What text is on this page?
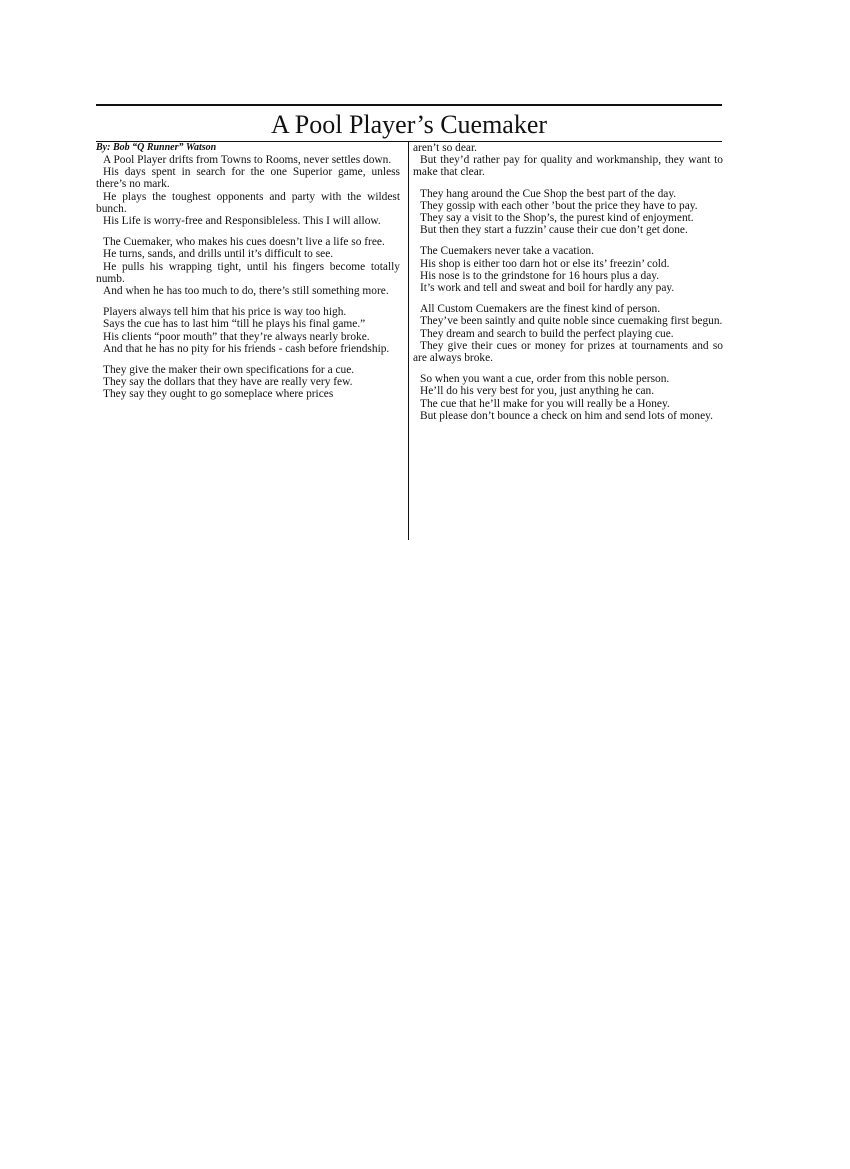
A Pool Player’s Cuemaker

By: Bob “Q Runner” Watson

A Pool Player drifts from Towns to Rooms, never settles down.

His days spent in search for the one Superior game, unless there’s no mark.

He plays the toughest opponents and party with the wildest bunch.

His Life is worry-free and Responsibleless. This I will allow.

The Cuemaker, who makes his cues doesn’t live a life so free.

He turns, sands, and drills until it’s difficult to see.

He pulls his wrapping tight, until his fingers become totally numb.

And when he has too much to do, there’s still something more.

Players always tell him that his price is way too high.

Says the cue has to last him “till he plays his final game.”

His clients “poor mouth” that they’re always nearly broke.

And that he has no pity for his friends - cash before friendship.

They give the maker their own specifications for a cue.

They say the dollars that they have are really very few.

They say they ought to go someplace where prices

aren’t so dear.

But they’d rather pay for quality and workmanship, they want to make that clear.

They hang around the Cue Shop the best part of the day.

They gossip with each other ’bout the price they have to pay.

They say a visit to the Shop’s, the purest kind of enjoyment.

But then they start a fuzzin’ cause their cue don’t get done.

The Cuemakers never take a vacation.

His shop is either too darn hot or else its’ freezin’ cold.

His nose is to the grindstone for 16 hours plus a day.

It’s work and tell and sweat and boil for hardly any pay.

All Custom Cuemakers are the finest kind of person.

They’ve been saintly and quite noble since cuemaking first begun.

They dream and search to build the perfect playing cue.

They give their cues or money for prizes at tournaments and so are always broke.

So when you want a cue, order from this noble person.

He’ll do his very best for you, just anything he can.

The cue that he’ll make for you will really be a Honey.

But please don’t bounce a check on him and send lots of money.
